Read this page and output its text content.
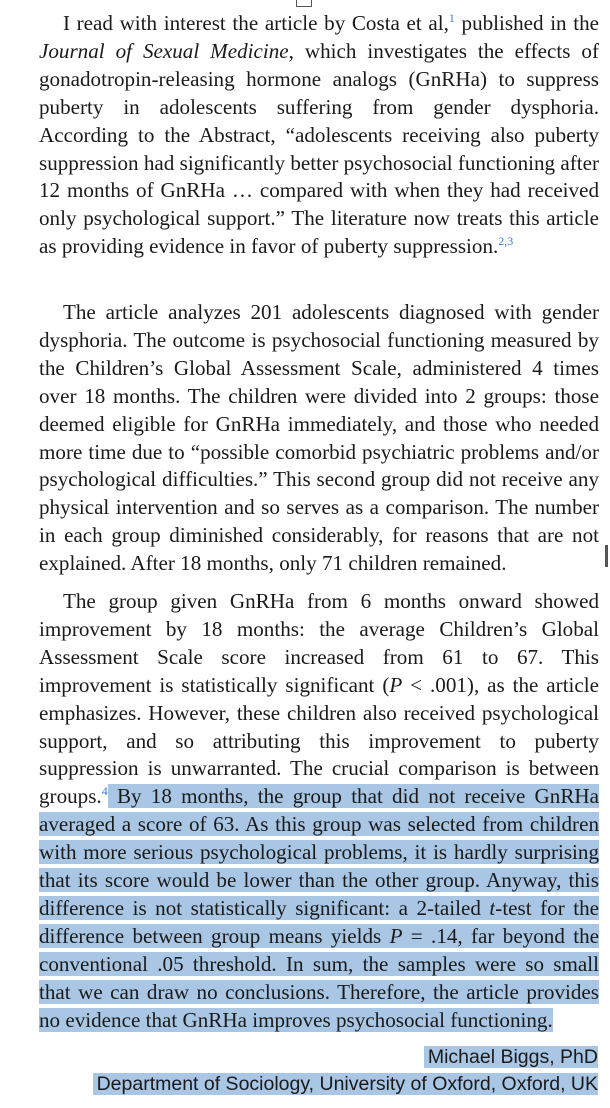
I read with interest the article by Costa et al,$^1$ published in the Journal of Sexual Medicine, which investigates the effects of gonadotropin-releasing hormone analogs (GnRHa) to suppress puberty in adolescents suffering from gender dysphoria. According to the Abstract, “adolescents receiving also puberty suppression had significantly better psychosocial functioning after 12 months of GnRHa … compared with when they had received only psychological support.” The literature now treats this article as providing evidence in favor of puberty suppression.$^{2,3}$

The article analyzes 201 adolescents diagnosed with gender dysphoria. The outcome is psychosocial functioning measured by the Children’s Global Assessment Scale, administered 4 times over 18 months. The children were divided into 2 groups: those deemed eligible for GnRHa immediately, and those who needed more time due to “possible comorbid psychiatric problems and/or psychological difficulties.” This second group did not receive any physical intervention and so serves as a comparison. The number in each group diminished considerably, for reasons that are not explained. After 18 months, only 71 children remained.

The group given GnRHa from 6 months onward showed improvement by 18 months: the average Children’s Global Assessment Scale score increased from 61 to 67. This improvement is statistically significant (P < .001), as the article emphasizes. However, these children also received psychological support, and so attributing this improvement to puberty suppression is unwarranted. The crucial comparison is between groups.$^4$ By 18 months, the group that did not receive GnRHa averaged a score of 63. As this group was selected from children with more serious psychological problems, it is hardly surprising that its score would be lower than the other group. Anyway, this difference is not statistically significant: a 2-tailed t-test for the difference between group means yields P = .14, far beyond the conventional .05 threshold. In sum, the samples were so small that we can draw no conclusions. Therefore, the article provides no evidence that GnRHa improves psychosocial functioning.

Michael Biggs, PhD
Department of Sociology, University of Oxford, Oxford, UK
